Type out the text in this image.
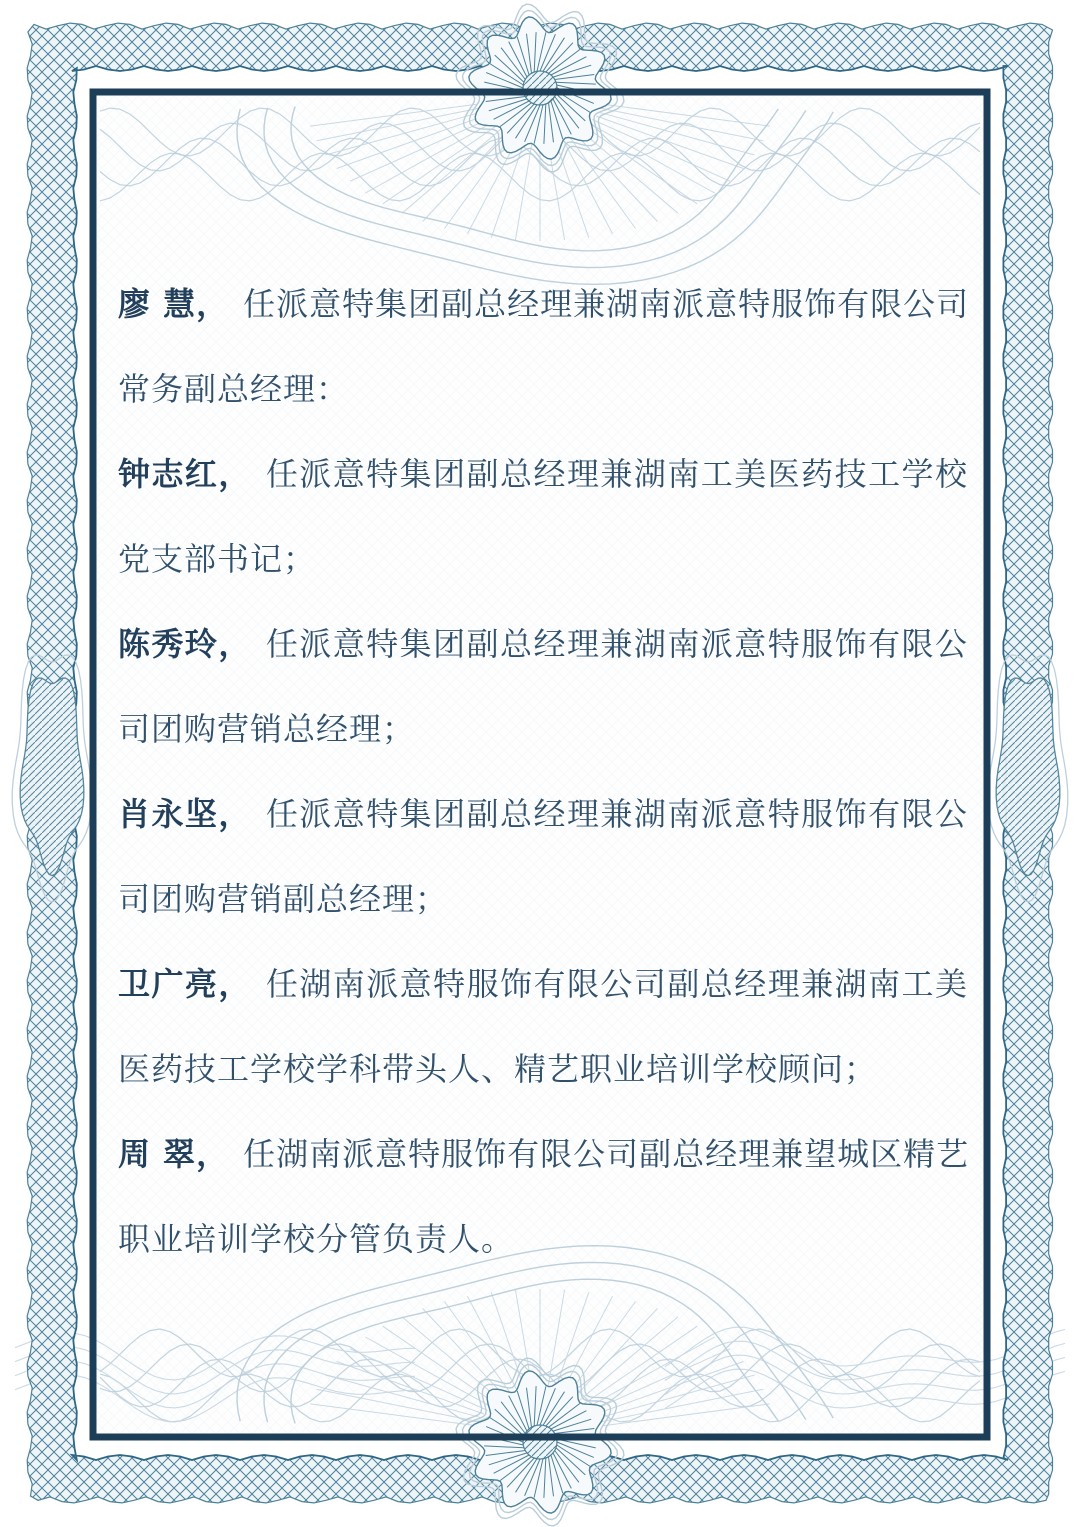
廖 慧， 任派意特集团副总经理兼湖南派意特服饰有限公司
常务副总经理：
钟志红， 任派意特集团副总经理兼湖南工美医药技工学校
党支部书记；
陈秀玲， 任派意特集团副总经理兼湖南派意特服饰有限公
司团购营销总经理；
肖永坚， 任派意特集团副总经理兼湖南派意特服饰有限公
司团购营销副总经理；
卫广亮， 任湖南派意特服饰有限公司副总经理兼湖南工美
医药技工学校学科带头人、精艺职业培训学校顾问；
周 翠， 任湖南派意特服饰有限公司副总经理兼望城区精艺
职业培训学校分管负责人。
